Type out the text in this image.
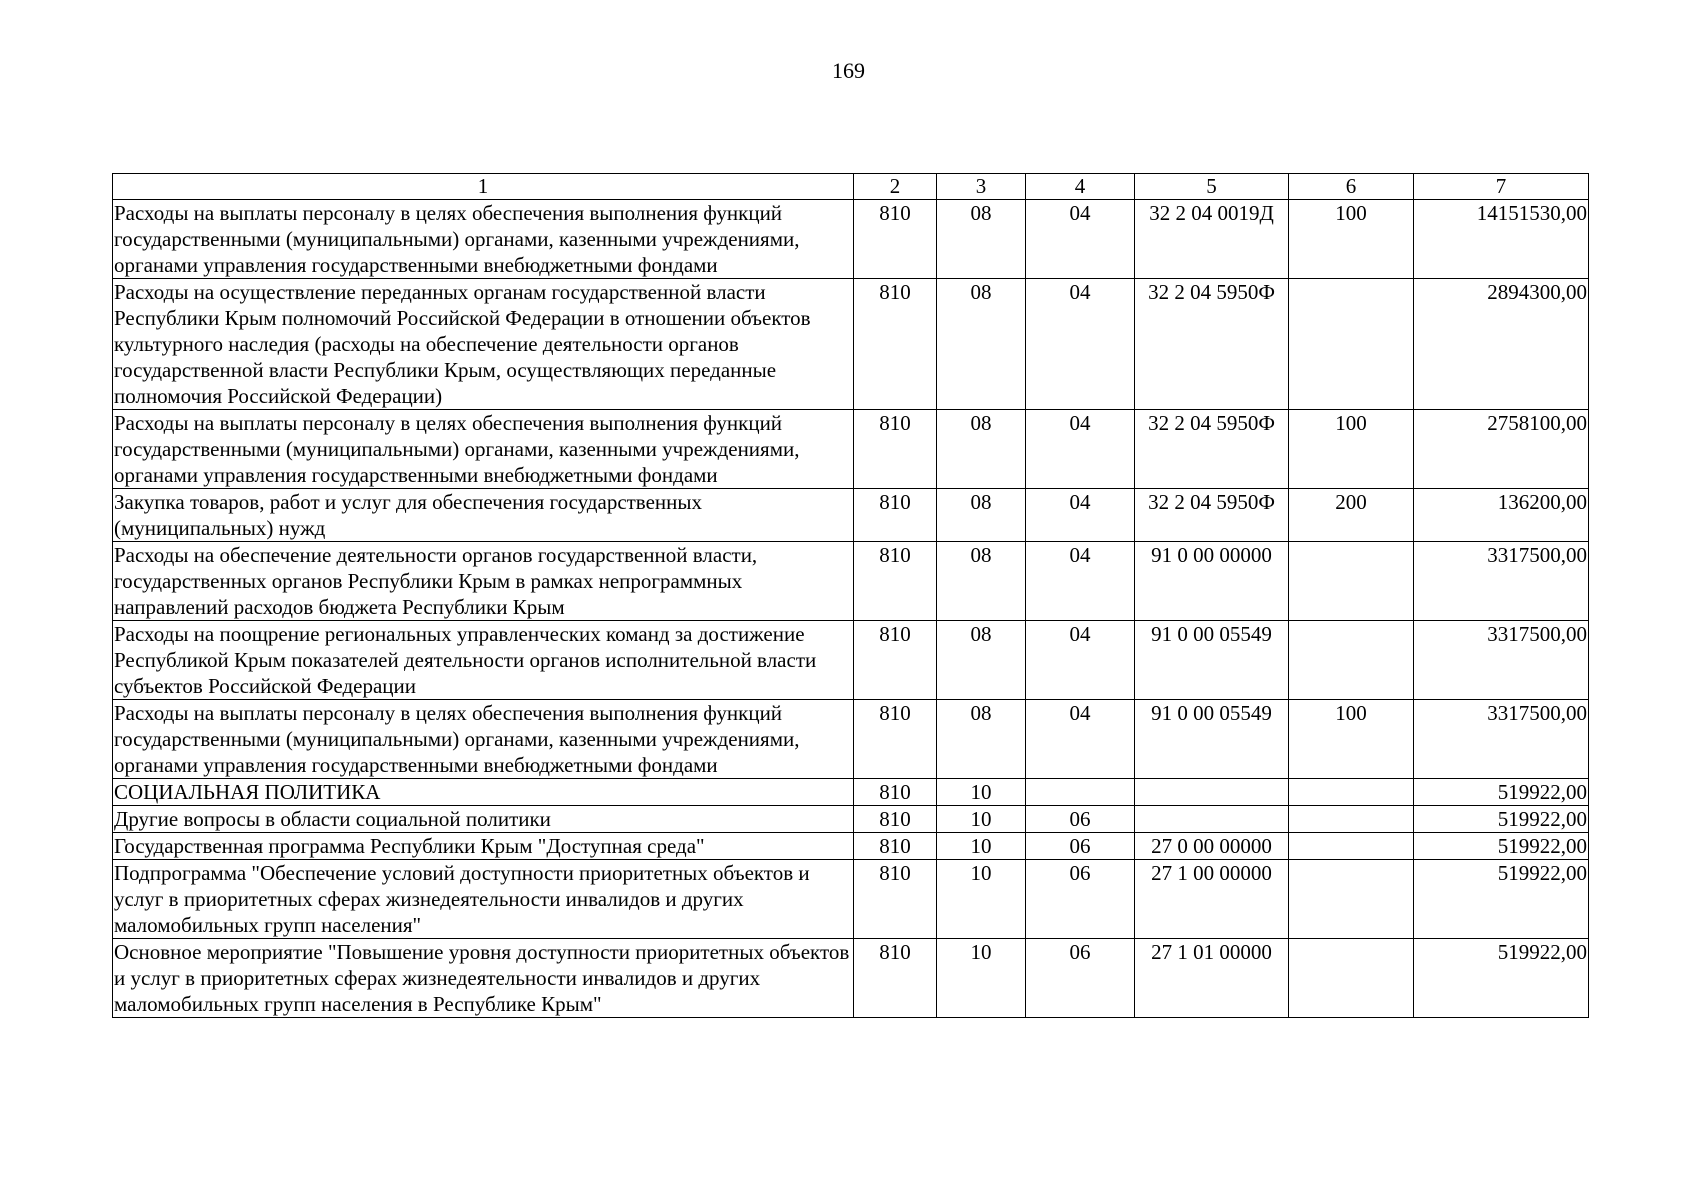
169
1	2	3	4	5	6	7
Расходы на выплаты персоналу в целях обеспечения выполнения функций государственными (муниципальными) органами, казенными учреждениями, органами управления государственными внебюджетными фондами	810	08	04	32 2 04 0019Д	100	14151530,00
Расходы на осуществление переданных органам государственной власти Республики Крым полномочий Российской Федерации в отношении объектов культурного наследия (расходы на обеспечение деятельности органов государственной власти Республики Крым, осуществляющих переданные полномочия Российской Федерации)	810	08	04	32 2 04 5950Ф		2894300,00
Расходы на выплаты персоналу в целях обеспечения выполнения функций государственными (муниципальными) органами, казенными учреждениями, органами управления государственными внебюджетными фондами	810	08	04	32 2 04 5950Ф	100	2758100,00
Закупка товаров, работ и услуг для обеспечения государственных (муниципальных) нужд	810	08	04	32 2 04 5950Ф	200	136200,00
Расходы на обеспечение деятельности органов государственной власти, государственных органов Республики Крым в рамках непрограммных направлений расходов бюджета Республики Крым	810	08	04	91 0 00 00000		3317500,00
Расходы на поощрение региональных управленческих команд за достижение Республикой Крым показателей деятельности органов исполнительной власти субъектов Российской Федерации	810	08	04	91 0 00 05549		3317500,00
Расходы на выплаты персоналу в целях обеспечения выполнения функций государственными (муниципальными) органами, казенными учреждениями, органами управления государственными внебюджетными фондами	810	08	04	91 0 00 05549	100	3317500,00
СОЦИАЛЬНАЯ ПОЛИТИКА	810	10				519922,00
Другие вопросы в области социальной политики	810	10	06			519922,00
Государственная программа Республики Крым "Доступная среда"	810	10	06	27 0 00 00000		519922,00
Подпрограмма "Обеспечение условий доступности приоритетных объектов и услуг в приоритетных сферах жизнедеятельности инвалидов и других маломобильных групп населения"	810	10	06	27 1 00 00000		519922,00
Основное мероприятие "Повышение уровня доступности приоритетных объектов и услуг в приоритетных сферах жизнедеятельности инвалидов и других маломобильных групп населения в Республике Крым"	810	10	06	27 1 01 00000		519922,00
